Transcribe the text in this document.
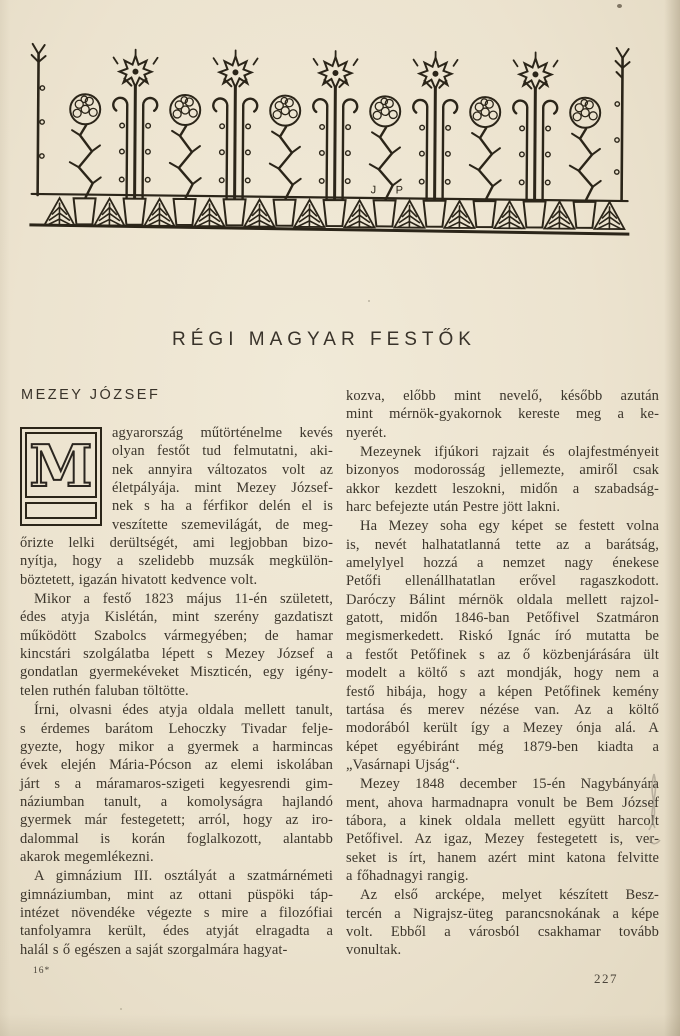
J P
RÉGI MAGYAR FESTŐK
MEZEY JÓZSEF
M	agyarország műtörténelme kevés
olyan festőt tud felmutatni, aki-
nek annyira változatos volt az
életpályája. mint Mezey József-
nek s ha a férfikor delén el is
veszítette szemevilágát, de meg-
őrizte lelki derültségét, ami legjobban bizo-
nyítja, hogy a szelidebb muzsák megkülön-
böztetett, igazán hivatott kedvence volt.
Mikor a festő 1823 május 11-én született,
édes atyja Kislétán, mint szerény gazdatiszt
működött Szabolcs vármegyében; de hamar
kincstári szolgálatba lépett s Mezey József a
gondatlan gyermekéveket Miszticén, egy igény-
telen ruthén faluban töltötte.
Írni, olvasni édes atyja oldala mellett tanult,
s érdemes barátom Lehoczky Tivadar felje-
gyezte, hogy mikor a gyermek a harmincas
évek elején Mária-Pócson az elemi iskolában
járt s a máramaros-szigeti kegyesrendi gim-
náziumban tanult, a komolyságra hajlandó
gyermek már festegetett; arról, hogy az iro-
dalommal is korán foglalkozott, alantabb
akarok megemlékezni.
A gimnázium III. osztályát a szatmárnémeti
gimnáziumban, mint az ottani püspöki táp-
intézet növendéke végezte s mire a filozófiai
tanfolyamra került, édes atyját elragadta a
halál s ő egészen a saját szorgalmára hagyat-
kozva, előbb mint nevelő, később azután
mint mérnök-gyakornok kereste meg a ke-
nyerét.
Mezeynek ifjúkori rajzait és olajfestményeit
bizonyos modorosság jellemezte, amiről csak
akkor kezdett leszokni, midőn a szabadság-
harc befejezte után Pestre jött lakni.
Ha Mezey soha egy képet se festett volna
is, nevét halhatatlanná tette az a barátság,
amelylyel hozzá a nemzet nagy énekese
Petőfi ellenállhatatlan erővel ragaszkodott.
Daróczy Bálint mérnök oldala mellett rajzol-
gatott, midőn 1846-ban Petőfivel Szatmáron
megismerkedett. Riskó Ignác író mutatta be
a festőt Petőfinek s az ő közbenjárására ült
modelt a költő s azt mondják, hogy nem a
festő hibája, hogy a képen Petőfinek kemény
tartása és merev nézése van. Az a költő
modorából került így a Mezey ónja alá. A
képet egyébiránt még 1879-ben kiadta a
„Vasárnapi Ujság“.
Mezey 1848 december 15-én Nagybányára
ment, ahova harmadnapra vonult be Bem József
tábora, a kinek oldala mellett együtt harcolt
Petőfivel. Az igaz, Mezey festegetett is, ver-
seket is írt, hanem azért mint katona felvitte
a főhadnagyi rangig.
Az első arcképe, melyet készített Besz-
tercén a Nigrajsz-üteg parancsnokának a képe
volt. Ebből a városból csakhamar tovább
vonultak.
16*	227
